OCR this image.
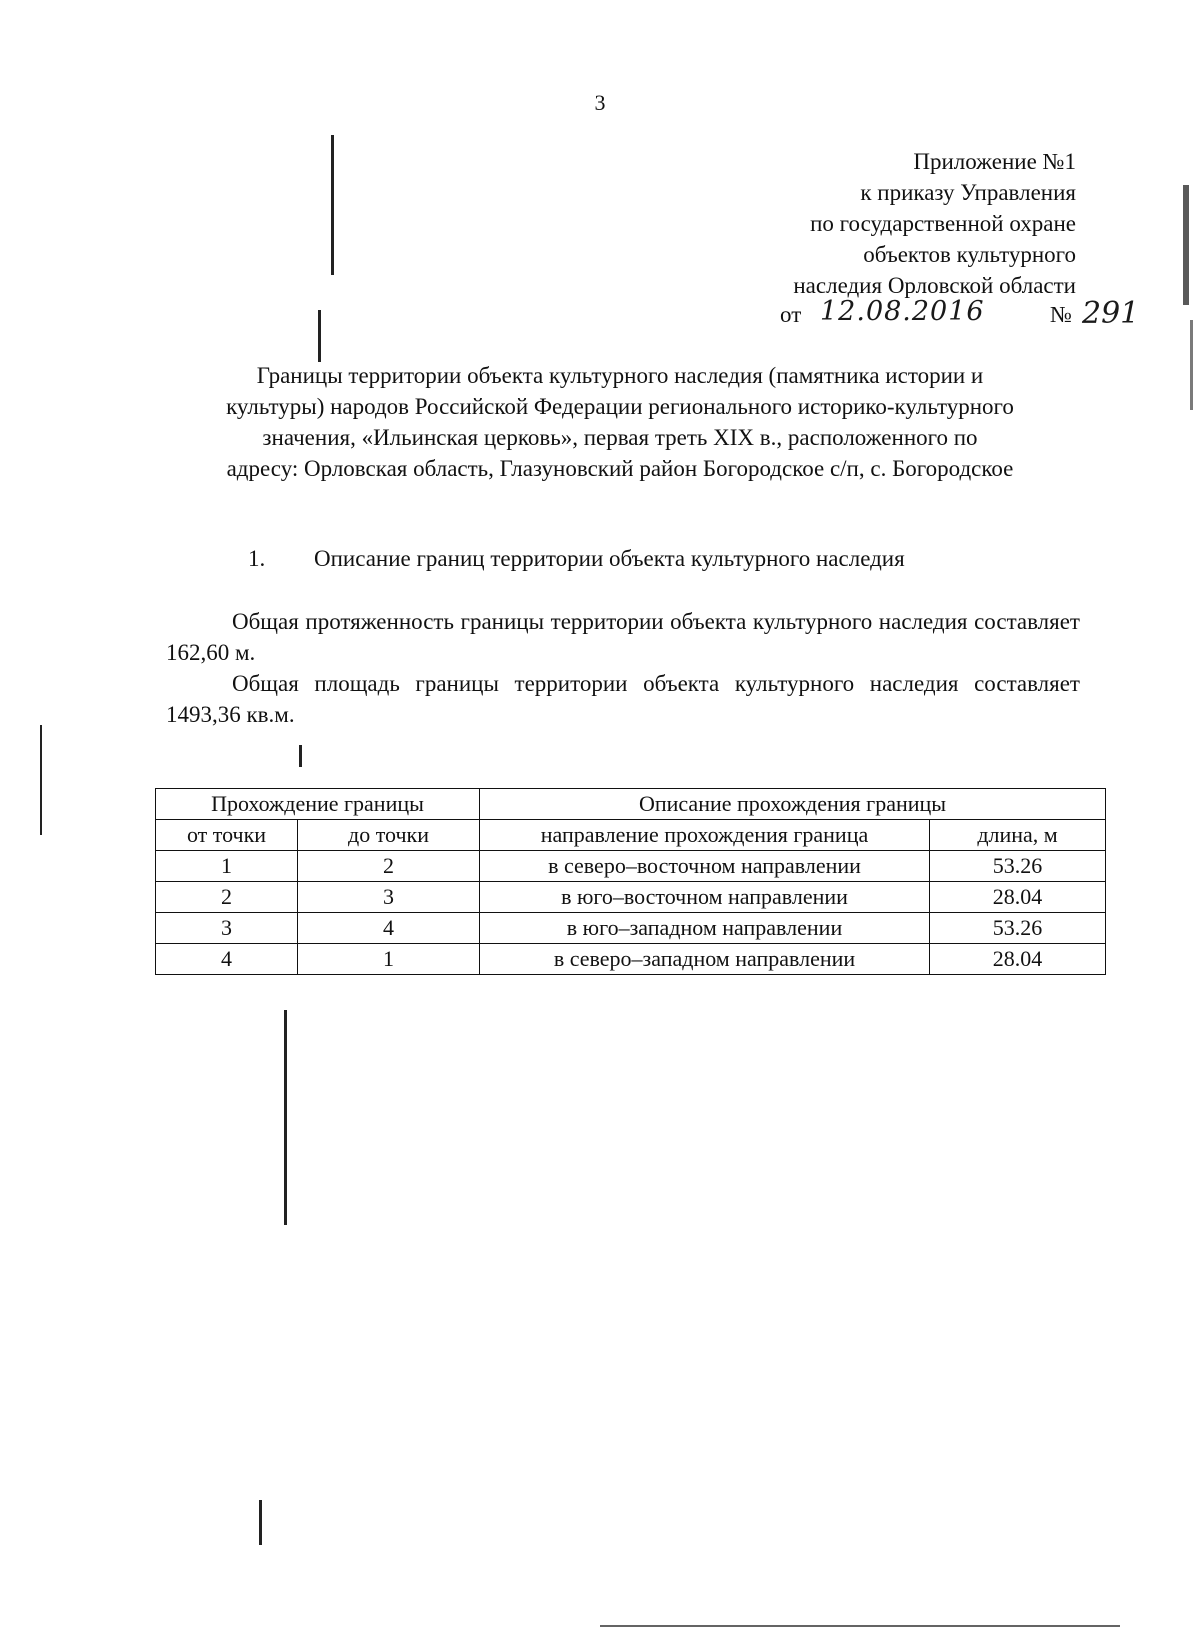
3
Приложение №1
к приказу Управления
по государственной охране
объектов культурного
наследия Орловской области
от 12.08.2016	№ 291
Границы территории объекта культурного наследия (памятника истории и
культуры) народов Российской Федерации регионального историко-культурного
значения, «Ильинская церковь», первая треть XIX в., расположенного по
адресу: Орловская область, Глазуновский район Богородское с/п, с. Богородское
1. Описание границ территории объекта культурного наследия
Общая протяженность границы территории объекта культурного наследия составляет 162,60 м.
Общая площадь границы территории объекта культурного наследия составляет 1493,36 кв.м.
Прохождение границы		Описание прохождения границы	
от точки	до точки	направление прохождения граница	длина, м
1	2	в северо–восточном направлении	53.26
2	3	в юго–восточном направлении	28.04
3	4	в юго–западном направлении	53.26
4	1	в северо–западном направлении	28.04
